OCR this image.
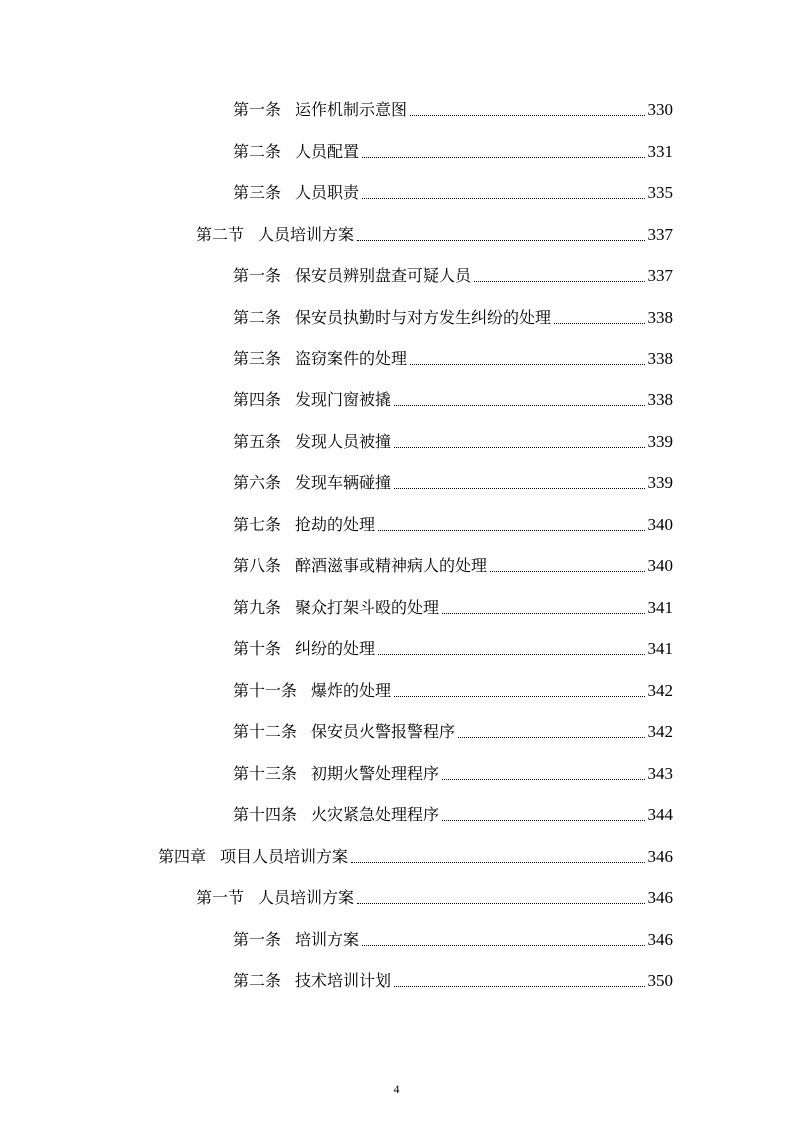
第一条 运作机制示意图	330
第二条 人员配置	331
第三条 人员职责	335
第二节 人员培训方案	337
第一条 保安员辨别盘查可疑人员	337
第二条 保安员执勤时与对方发生纠纷的处理	338
第三条 盗窃案件的处理	338
第四条 发现门窗被撬	338
第五条 发现人员被撞	339
第六条 发现车辆碰撞	339
第七条 抢劫的处理	340
第八条 醉酒滋事或精神病人的处理	340
第九条 聚众打架斗殴的处理	341
第十条 纠纷的处理	341
第十一条 爆炸的处理	342
第十二条 保安员火警报警程序	342
第十三条 初期火警处理程序	343
第十四条 火灾紧急处理程序	344
第四章 项目人员培训方案	346
第一节 人员培训方案	346
第一条 培训方案	346
第二条 技术培训计划	350
4
